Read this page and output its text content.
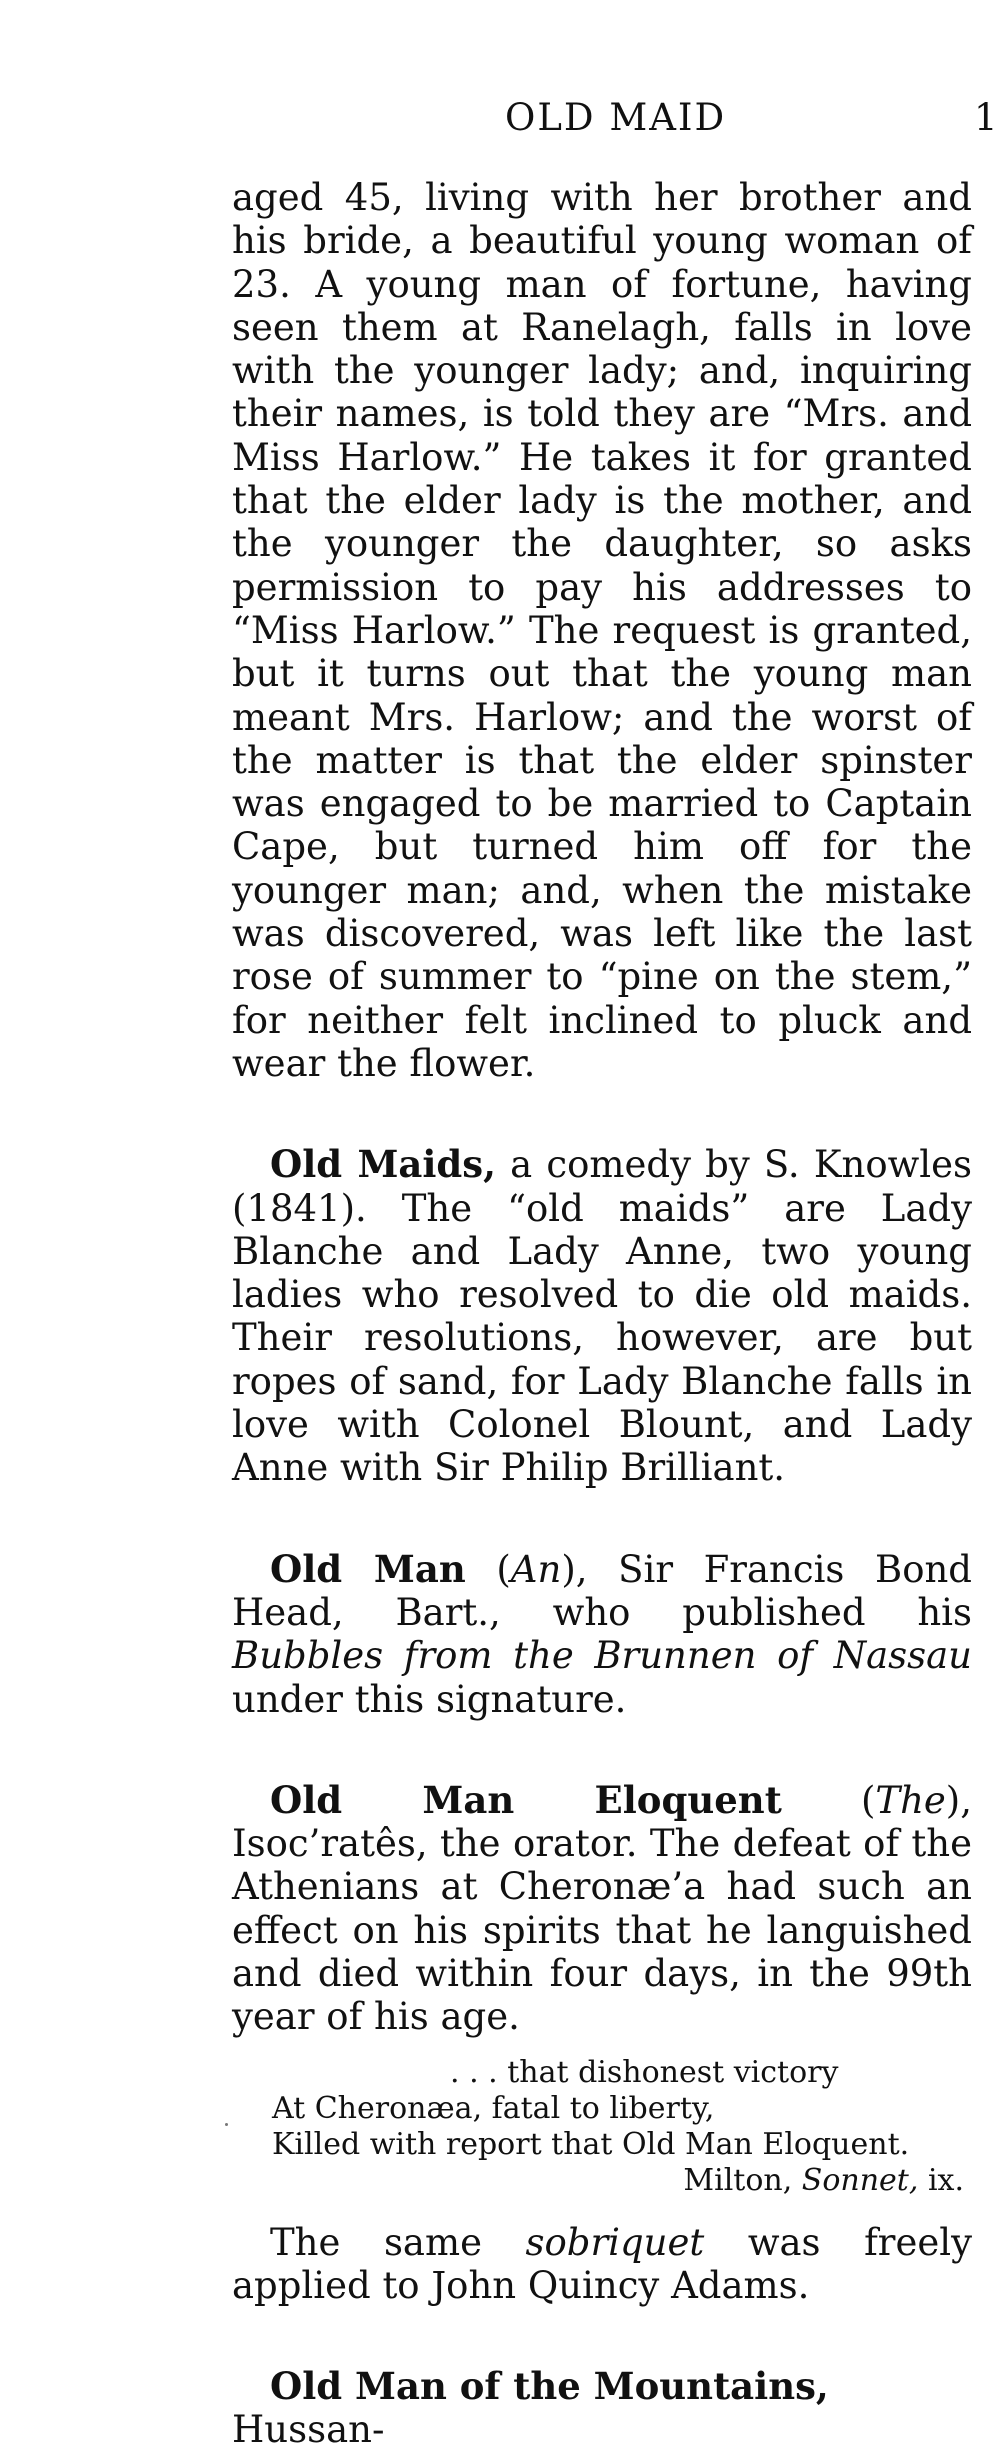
OLD MAID	1

aged 45, living with her brother and his bride, a beautiful young woman of 23. A young man of fortune, having seen them at Ranelagh, falls in love with the younger lady; and, inquiring their names, is told they are “Mrs. and Miss Harlow.” He takes it for granted that the elder lady is the mother, and the younger the daughter, so asks permission to pay his addresses to “Miss Harlow.” The request is granted, but it turns out that the young man meant Mrs. Harlow; and the worst of the matter is that the elder spinster was engaged to be married to Captain Cape, but turned him off for the younger man; and, when the mistake was discovered, was left like the last rose of summer to “pine on the stem,” for neither felt inclined to pluck and wear the flower.

Old Maids, a comedy by S. Knowles (1841). The “old maids” are Lady Blanche and Lady Anne, two young ladies who resolved to die old maids. Their resolutions, however, are but ropes of sand, for Lady Blanche falls in love with Colonel Blount, and Lady Anne with Sir Philip Brilliant.

Old Man (An), Sir Francis Bond Head, Bart., who published his Bubbles from the Brunnen of Nassau under this signature.

Old Man Eloquent (The), Isoc’ratês, the orator. The defeat of the Athenians at Cheronæ’a had such an effect on his spirits that he languished and died within four days, in the 99th year of his age.

. . . that dishonest victory
At Cheronæa, fatal to liberty,
Killed with report that Old Man Eloquent.
Milton, Sonnet, ix.

The same sobriquet was freely applied to John Quincy Adams.

Old Man of the Mountains, Hussan-
